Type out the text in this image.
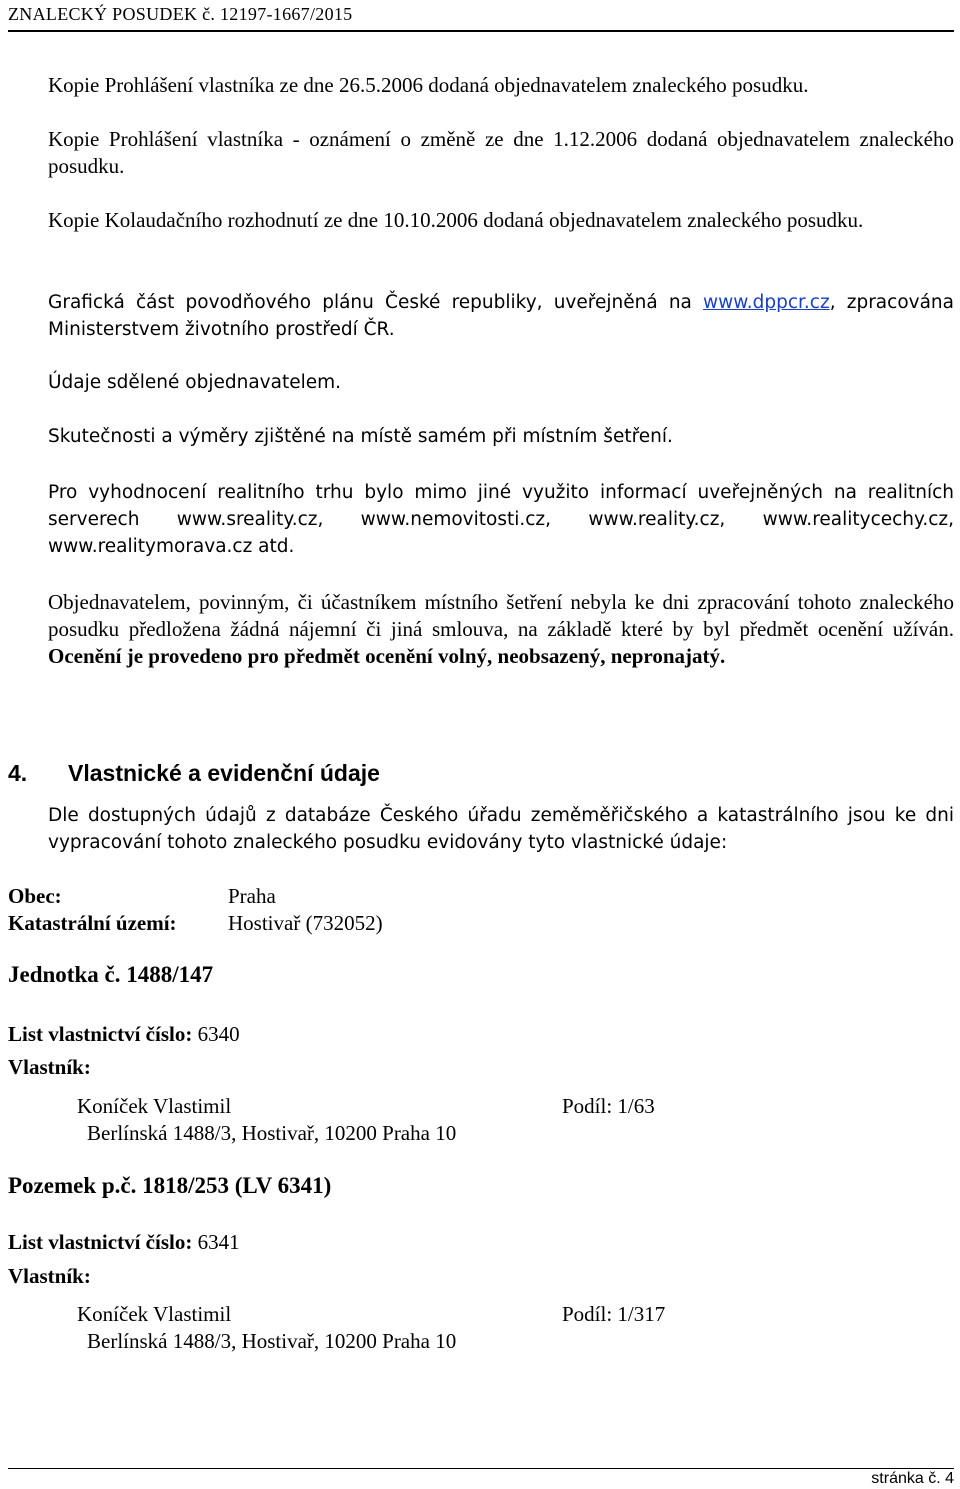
ZNALECKÝ POSUDEK č. 12197-1667/2015
Kopie Prohlášení vlastníka ze dne 26.5.2006 dodaná objednavatelem znaleckého posudku.
Kopie Prohlášení vlastníka - oznámení o změně ze dne 1.12.2006 dodaná objednavatelem znaleckého posudku.
Kopie Kolaudačního rozhodnutí ze dne 10.10.2006 dodaná objednavatelem znaleckého posudku.
Grafická část povodňového plánu České republiky, uveřejněná na www.dppcr.cz, zpracována Ministerstvem životního prostředí ČR.
Údaje sdělené objednavatelem.
Skutečnosti a výměry zjištěné na místě samém při místním šetření.
Pro vyhodnocení realitního trhu bylo mimo jiné využito informací uveřejněných na realitních serverech www.sreality.cz, www.nemovitosti.cz, www.reality.cz, www.realitycechy.cz, www.realitymorava.cz atd.
Objednavatelem, povinným, či účastníkem místního šetření nebyla ke dni zpracování tohoto znaleckého posudku předložena žádná nájemní či jiná smlouva, na základě které by byl předmět ocenění užíván. Ocenění je provedeno pro předmět ocenění volný, neobsazený, nepronajatý.
4. Vlastnické a evidenční údaje
Dle dostupných údajů z databáze Českého úřadu zeměměřičského a katastrálního jsou ke dni vypracování tohoto znaleckého posudku evidovány tyto vlastnické údaje:
Obec:	Praha
Katastrální území: Hostivař (732052)
Jednotka č. 1488/147
List vlastnictví číslo: 6340
Vlastník:
Koníček Vlastimil	Podíl: 1/63
Berlínská 1488/3, Hostivař, 10200 Praha 10
Pozemek p.č. 1818/253 (LV 6341)
List vlastnictví číslo: 6341
Vlastník:
Koníček Vlastimil	Podíl: 1/317
Berlínská 1488/3, Hostivař, 10200 Praha 10
stránka č. 4
